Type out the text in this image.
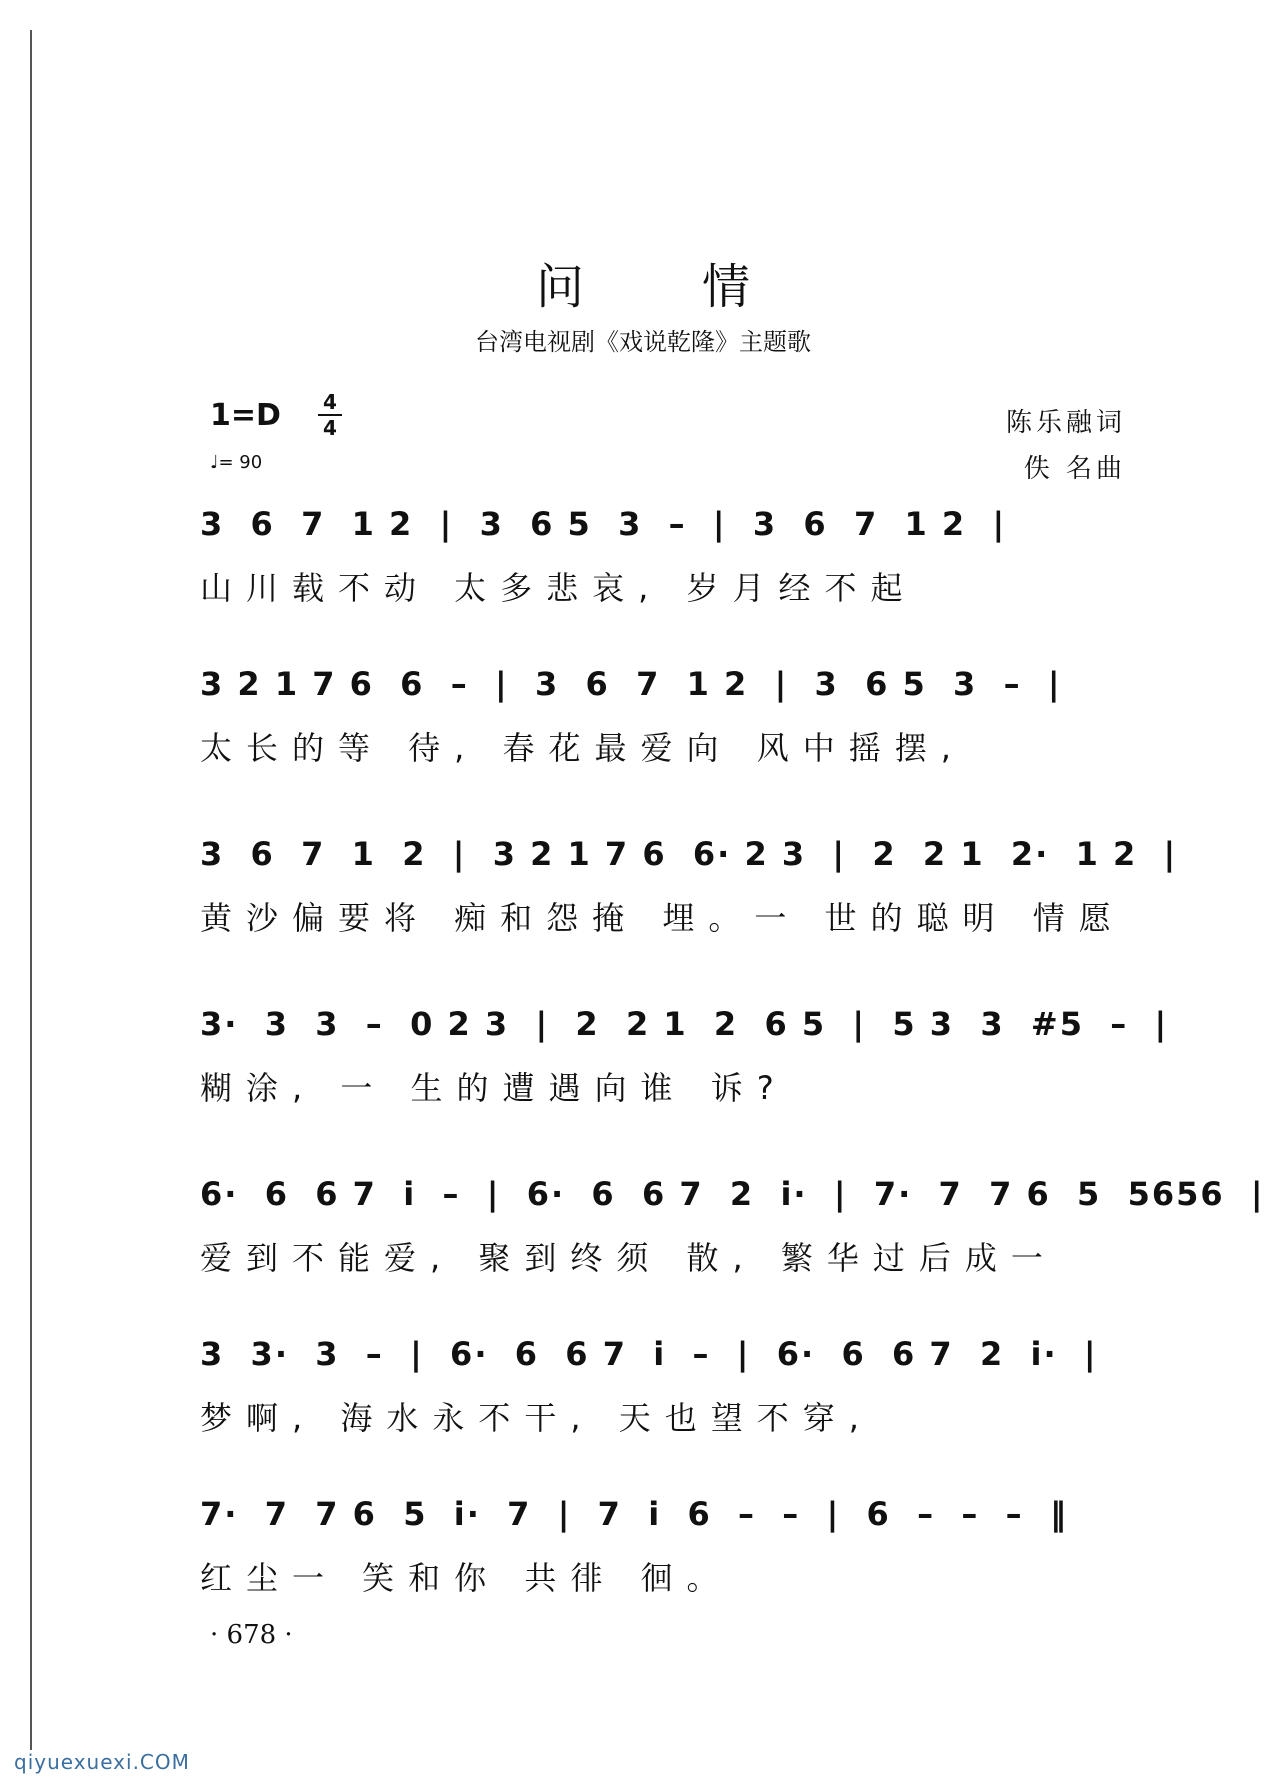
问情
台湾电视剧《戏说乾隆》主题歌
1=D 4
4
♩= 90
陈乐融词
佚 名曲
3  6  7  1 2  |  3  6 5  3  –  |  3  6  7  1 2  |
山川载不动 太多悲哀, 岁月经不起
3 2 1 7 6  6  –  |  3  6  7  1 2  |  3  6 5  3  –  |
太长的等 待, 春花最爱向 风中摇摆,
3  6  7  1  2  |  3 2 1 7 6  6· 2 3  |  2  2 1  2·  1 2  |
黄沙偏要将 痴和怨掩 埋。一 世的聪明 情愿
3·  3  3  –  0 2 3  |  2  2 1  2  6 5  |  5 3  3  #5  –  |
糊涂, 一 生的遭遇向谁 诉?
6·  6  6 7  i  –  |  6·  6  6 7  2  i·  |  7·  7  7 6  5  5656  |
爱到不能爱, 聚到终须 散, 繁华过后成一
3  3·  3  –  |  6·  6  6 7  i  –  |  6·  6  6 7  2  i·  |
梦啊, 海水永不干, 天也望不穿,
7·  7  7 6  5  i·  7  |  7  i  6  –  –  |  6  –  –  –  ‖
红尘一 笑和你 共徘 徊。
· 678 ·
qiyuexuexi.COM
